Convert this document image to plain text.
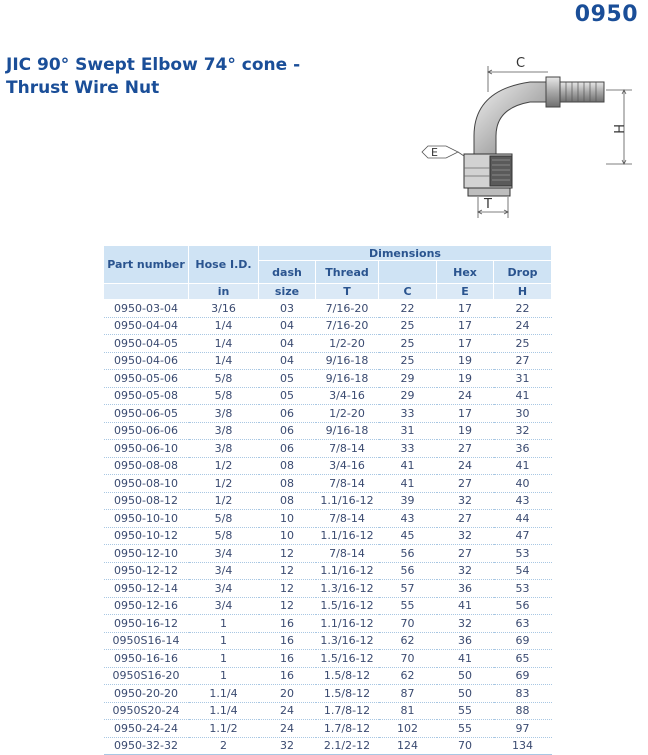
0950
JIC 90° Swept Elbow 74° cone -
Thrust Wire Nut
C
H
E
T
Part number	Hose I.D.	Dimensions				
		dash	Thread		Hex	Drop
	in	size	T	C	E	H
0950-03-04	3/16	03	7/16-20	22	17	22
0950-04-04	1/4	04	7/16-20	25	17	24
0950-04-05	1/4	04	1/2-20	25	17	25
0950-04-06	1/4	04	9/16-18	25	19	27
0950-05-06	5/8	05	9/16-18	29	19	31
0950-05-08	5/8	05	3/4-16	29	24	41
0950-06-05	3/8	06	1/2-20	33	17	30
0950-06-06	3/8	06	9/16-18	31	19	32
0950-06-10	3/8	06	7/8-14	33	27	36
0950-08-08	1/2	08	3/4-16	41	24	41
0950-08-10	1/2	08	7/8-14	41	27	40
0950-08-12	1/2	08	1.1/16-12	39	32	43
0950-10-10	5/8	10	7/8-14	43	27	44
0950-10-12	5/8	10	1.1/16-12	45	32	47
0950-12-10	3/4	12	7/8-14	56	27	53
0950-12-12	3/4	12	1.1/16-12	56	32	54
0950-12-14	3/4	12	1.3/16-12	57	36	53
0950-12-16	3/4	12	1.5/16-12	55	41	56
0950-16-12	1	16	1.1/16-12	70	32	63
0950S16-14	1	16	1.3/16-12	62	36	69
0950-16-16	1	16	1.5/16-12	70	41	65
0950S16-20	1	16	1.5/8-12	62	50	69
0950-20-20	1.1/4	20	1.5/8-12	87	50	83
0950S20-24	1.1/4	24	1.7/8-12	81	55	88
0950-24-24	1.1/2	24	1.7/8-12	102	55	97
0950-32-32	2	32	2.1/2-12	124	70	134
